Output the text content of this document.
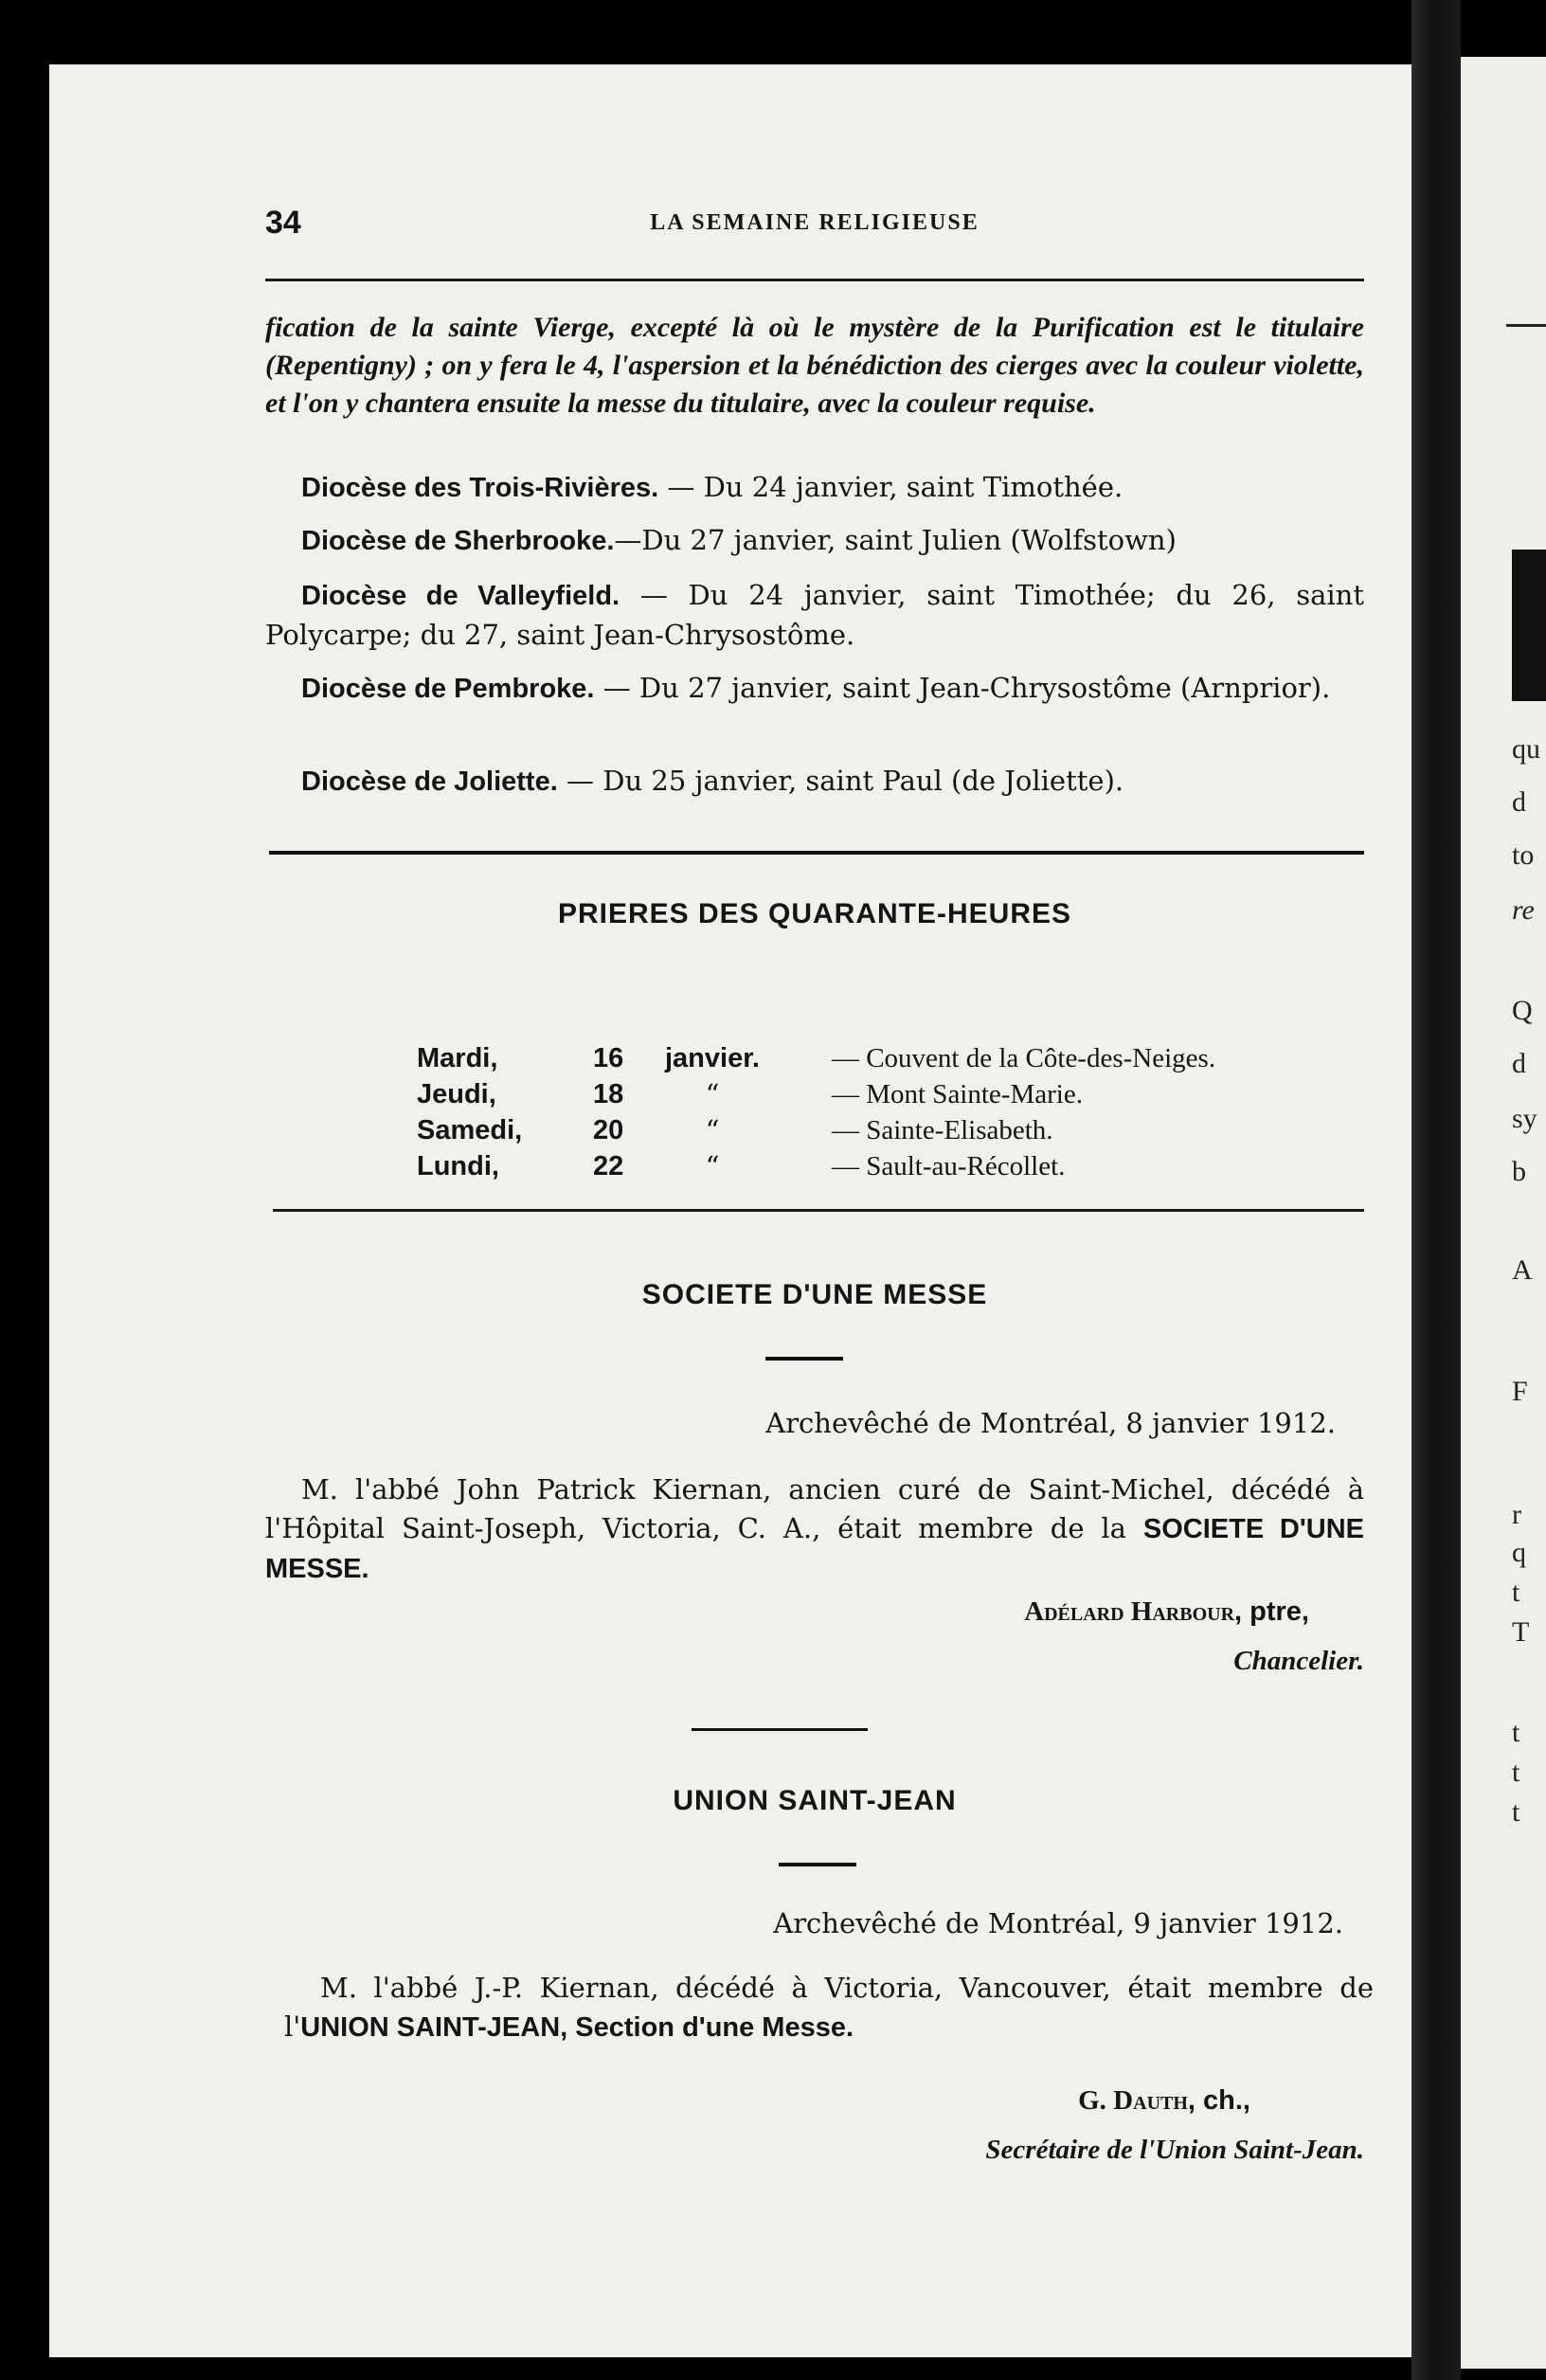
34	LA SEMAINE RELIGIEUSE

fication de la sainte Vierge, excepté là où le mystère de la Purification est le titulaire (Repentigny) ; on y fera le 4, l'aspersion et la bénédiction des cierges avec la couleur violette, et l'on y chantera ensuite la messe du titulaire, avec la couleur requise.

Diocèse des Trois-Rivières. — Du 24 janvier, saint Timothée.

Diocèse de Sherbrooke.—Du 27 janvier, saint Julien (Wolfstown)

Diocèse de Valleyfield. — Du 24 janvier, saint Timothée; du 26, saint Polycarpe; du 27, saint Jean-Chrysostôme.

Diocèse de Pembroke. — Du 27 janvier, saint Jean-Chrysostôme (Arnprior).

Diocèse de Joliette. — Du 25 janvier, saint Paul (de Joliette).

PRIERES DES QUARANTE-HEURES
Mardi,	16	janvier.	— Couvent de la Côte-des-Neiges.
Jeudi,	18	“	— Mont Sainte-Marie.
Samedi,	20	“	— Sainte-Elisabeth.
Lundi,	22	“	— Sault-au-Récollet.
SOCIETE D'UNE MESSE
Archevêché de Montréal, 8 janvier 1912.

M. l'abbé John Patrick Kiernan, ancien curé de Saint-Michel, décédé à l'Hôpital Saint-Joseph, Victoria, C. A., était membre de la SOCIETE D'UNE MESSE.

Adélard Harbour, ptre,
Chancelier.
UNION SAINT-JEAN
Archevêché de Montréal, 9 janvier 1912.

M. l'abbé J.-P. Kiernan, décédé à Victoria, Vancouver, était membre de l'UNION SAINT-JEAN, Section d'une Messe.

G. Dauth, ch.,
Secrétaire de l'Union Saint-Jean.
qu
d
to
re
Q
d
sy
b
A
F
r
q
t
T
t
t
t
